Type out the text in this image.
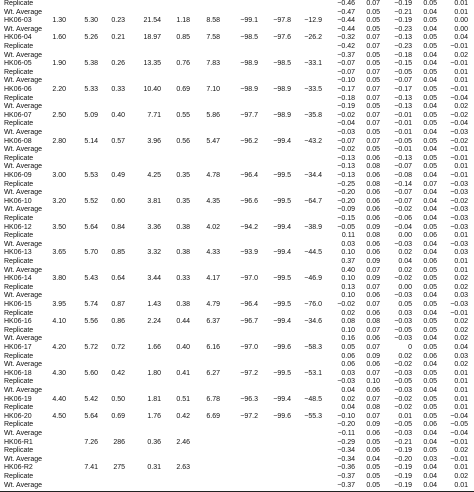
Replicate	−0.46 0.07 −0.19 0.05 0.01
Wt. Average	−0.47 0.05 −0.21 0.04 0.01
HK06-03	1.30	5.30 0.23	21.54 1.18 8.58	−99.1 −97.8 −12.9 −0.44 0.05 −0.19 0.05 0.00
Wt. Average	−0.44 0.05 −0.23 0.04 0.00
HK06-04	1.60	5.26 0.21	18.97 0.85 7.58	−98.5 −97.6 −26.2 −0.32 0.07 −0.13 0.05 0.04
Replicate	−0.42 0.07 −0.23 0.05 −0.01
Wt. Average	−0.37 0.05 −0.18 0.04 0.02
HK06-05	1.90	5.38 0.26	13.35 0.76 7.83	−98.9 −98.5 −33.1 −0.07 0.05 −0.15 0.04 −0.01
Replicate	−0.07 0.07 −0.05 0.05 0.01
Wt. Average	−0.10 0.05 −0.07 0.04 0.01
HK06-06	2.20	5.33 0.33	10.40 0.69 7.10	−98.9 −98.9 −33.5 −0.17 0.07 −0.17 0.05 −0.01
Replicate	−0.18 0.07 −0.13 0.05 −0.04
Wt. Average	−0.19 0.05 −0.13 0.04 0.02
HK06-07	2.50	5.09 0.40	7.71 0.55 5.86	−97.7 −98.9 −35.8 −0.02 0.07 −0.01 0.05 −0.02
Replicate	−0.04 0.07 −0.01 0.05 −0.04
Wt. Average	−0.03 0.05 −0.01 0.04 −0.03
HK06-08	2.80	5.14 0.57	3.96 0.56 5.47	−96.2 −99.4 −43.2 −0.07 0.07 −0.05 0.05 −0.02
Wt. Average	−0.02 0.05 −0.01 0.04 −0.01
Replicate	−0.13 0.06 −0.13 0.05 −0.01
Wt. Average	−0.13 0.08 −0.07 0.05 0.01
HK06-09	3.00	5.53 0.49	4.25 0.35 4.78	−96.4 −99.5 −34.4 −0.13 0.06 −0.08 0.04 −0.01
Replicate	−0.25 0.08 −0.14 0.07 −0.03
Wt. Average	−0.20 0.06 −0.07 0.04 −0.03
HK06-10	3.20	5.52 0.60	3.81 0.35 4.35	−96.6 −99.5 −64.7 −0.20 0.06 −0.07 0.04 −0.02
Wt. Average	−0.09 0.06 −0.02 0.04 −0.03
Replicate	−0.15 0.06 −0.06 0.04 −0.03
HK06-12	3.50	5.64 0.84	3.36 0.38 4.02	−94.2 −99.4 −38.9 −0.05 0.09 −0.04 0.05 −0.03
Replicate	0.11 0.08	0.00 0.06 0.01
Wt. Average	0.03 0.06 −0.03 0.04 −0.03
HK06-13	3.65	5.70 0.85	3.32 0.38 4.33	−93.9 −99.4 −44.5	0.10 0.06	0.02 0.04 0.03
Replicate	0.37 0.09	0.04 0.06 0.01
Wt. Average	0.40 0.07	0.02 0.05 0.01
HK06-14	3.80	5.43 0.64	3.44 0.33 4.17	−97.0 −99.5 −46.9	0.10 0.09 −0.02 0.05 0.02
Replicate	0.13 0.07	0.00 0.05 0.02
Wt. Average	0.10 0.06 −0.03 0.04 0.03
HK06-15	3.95	5.74 0.87	1.43 0.38 4.79	−96.4 −99.5 −76.0 −0.02 0.07	0.05 0.05 −0.03
Replicate	0.02 0.06	0.03 0.04 −0.01
HK06-16	4.10	5.56 0.86	2.24 0.44 6.37	−96.7 −99.4 −34.6	0.08 0.08 −0.03 0.05 0.02
Replicate	0.10 0.07 −0.05 0.05 0.02
Wt. Average	0.16 0.06 −0.03 0.04 0.02
HK06-17	4.20	5.72 0.72	1.66 0.40 6.16	−97.0 −99.6 −58.3	0.05 0.07	0 0.05 0.04
Replicate	0.06 0.09	0.02 0.06 0.03
Wt. Average	0.06 0.06 −0.02 0.04 0.02
HK06-18	4.30	5.60 0.42	1.80 0.41 6.27	−97.2 −99.5 −53.1	0.03 0.07 −0.03 0.05 0.01
Replicate	−0.03 0.10 −0.05 0.05 0.01
Wt. Average	0.04 0.06 −0.03 0.04 0.01
HK06-19	4.40	5.42 0.50	1.81 0.51 6.78	−96.3 −99.4 −48.5	0.02 0.07 −0.02 0.05 0.01
Replicate	0.04 0.08 −0.02 0.05 0.01
HK06-20	4.50	5.64 0.69	1.76 0.42 6.69	−97.2 −99.6 −55.3 −0.10 0.07	0.01 0.05 −0.04
Replicate	−0.20 0.09 −0.05 0.06 −0.05
Wt. Average	−0.11 0.06 −0.03 0.04 −0.04
HK06-R1	7.26 286	0.36 2.46	−0.29 0.05 −0.21 0.04 −0.01
Replicate	−0.34 0.06 −0.19 0.05 0.02
Wt. Average	−0.34 0.04 −0.20 0.03 −0.01
HK06-R2	7.41 275	0.31 2.63	−0.36 0.05 −0.19 0.04 0.01
Replicate	−0.37 0.05 −0.19 0.04 0.02
Wt. Average	−0.37 0.05 −0.19 0.04 0.01
